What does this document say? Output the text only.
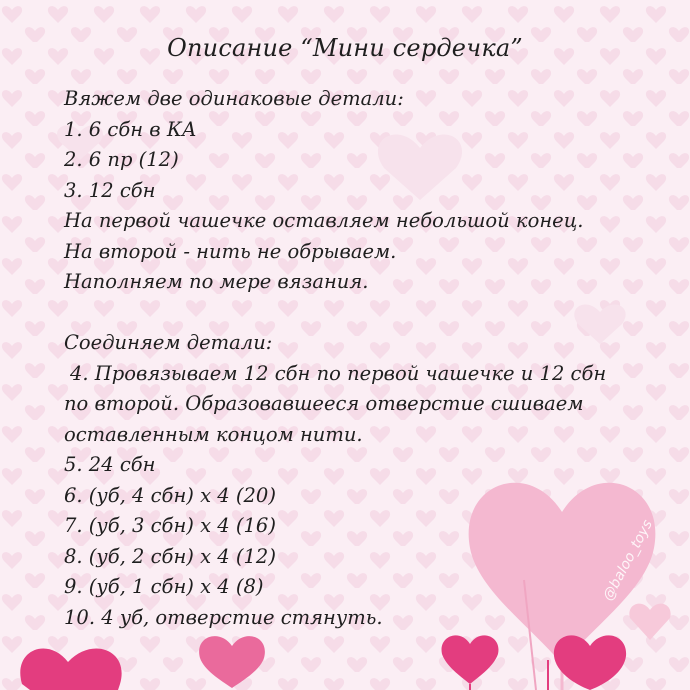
Описание “Мини сердечка”
Вяжем две одинаковые детали:
1. 6 сбн в КА
2. 6 пр (12)
3. 12 сбн
На первой чашечке оставляем небольшой конец.
На второй - нить не обрываем.
Наполняем по мере вязания.
Соединяем детали:
4. Провязываем 12 сбн по первой чашечке и 12 сбн
по второй. Образовавшееся отверстие сшиваем
оставленным концом нити.
5. 24 сбн
6. (уб, 4 сбн) х 4 (20)
7. (уб, 3 сбн) х 4 (16)
8. (уб, 2 сбн) х 4 (12)
9. (уб, 1 сбн) х 4 (8)
10. 4 уб, отверстие стянуть.
@baloo_toys
